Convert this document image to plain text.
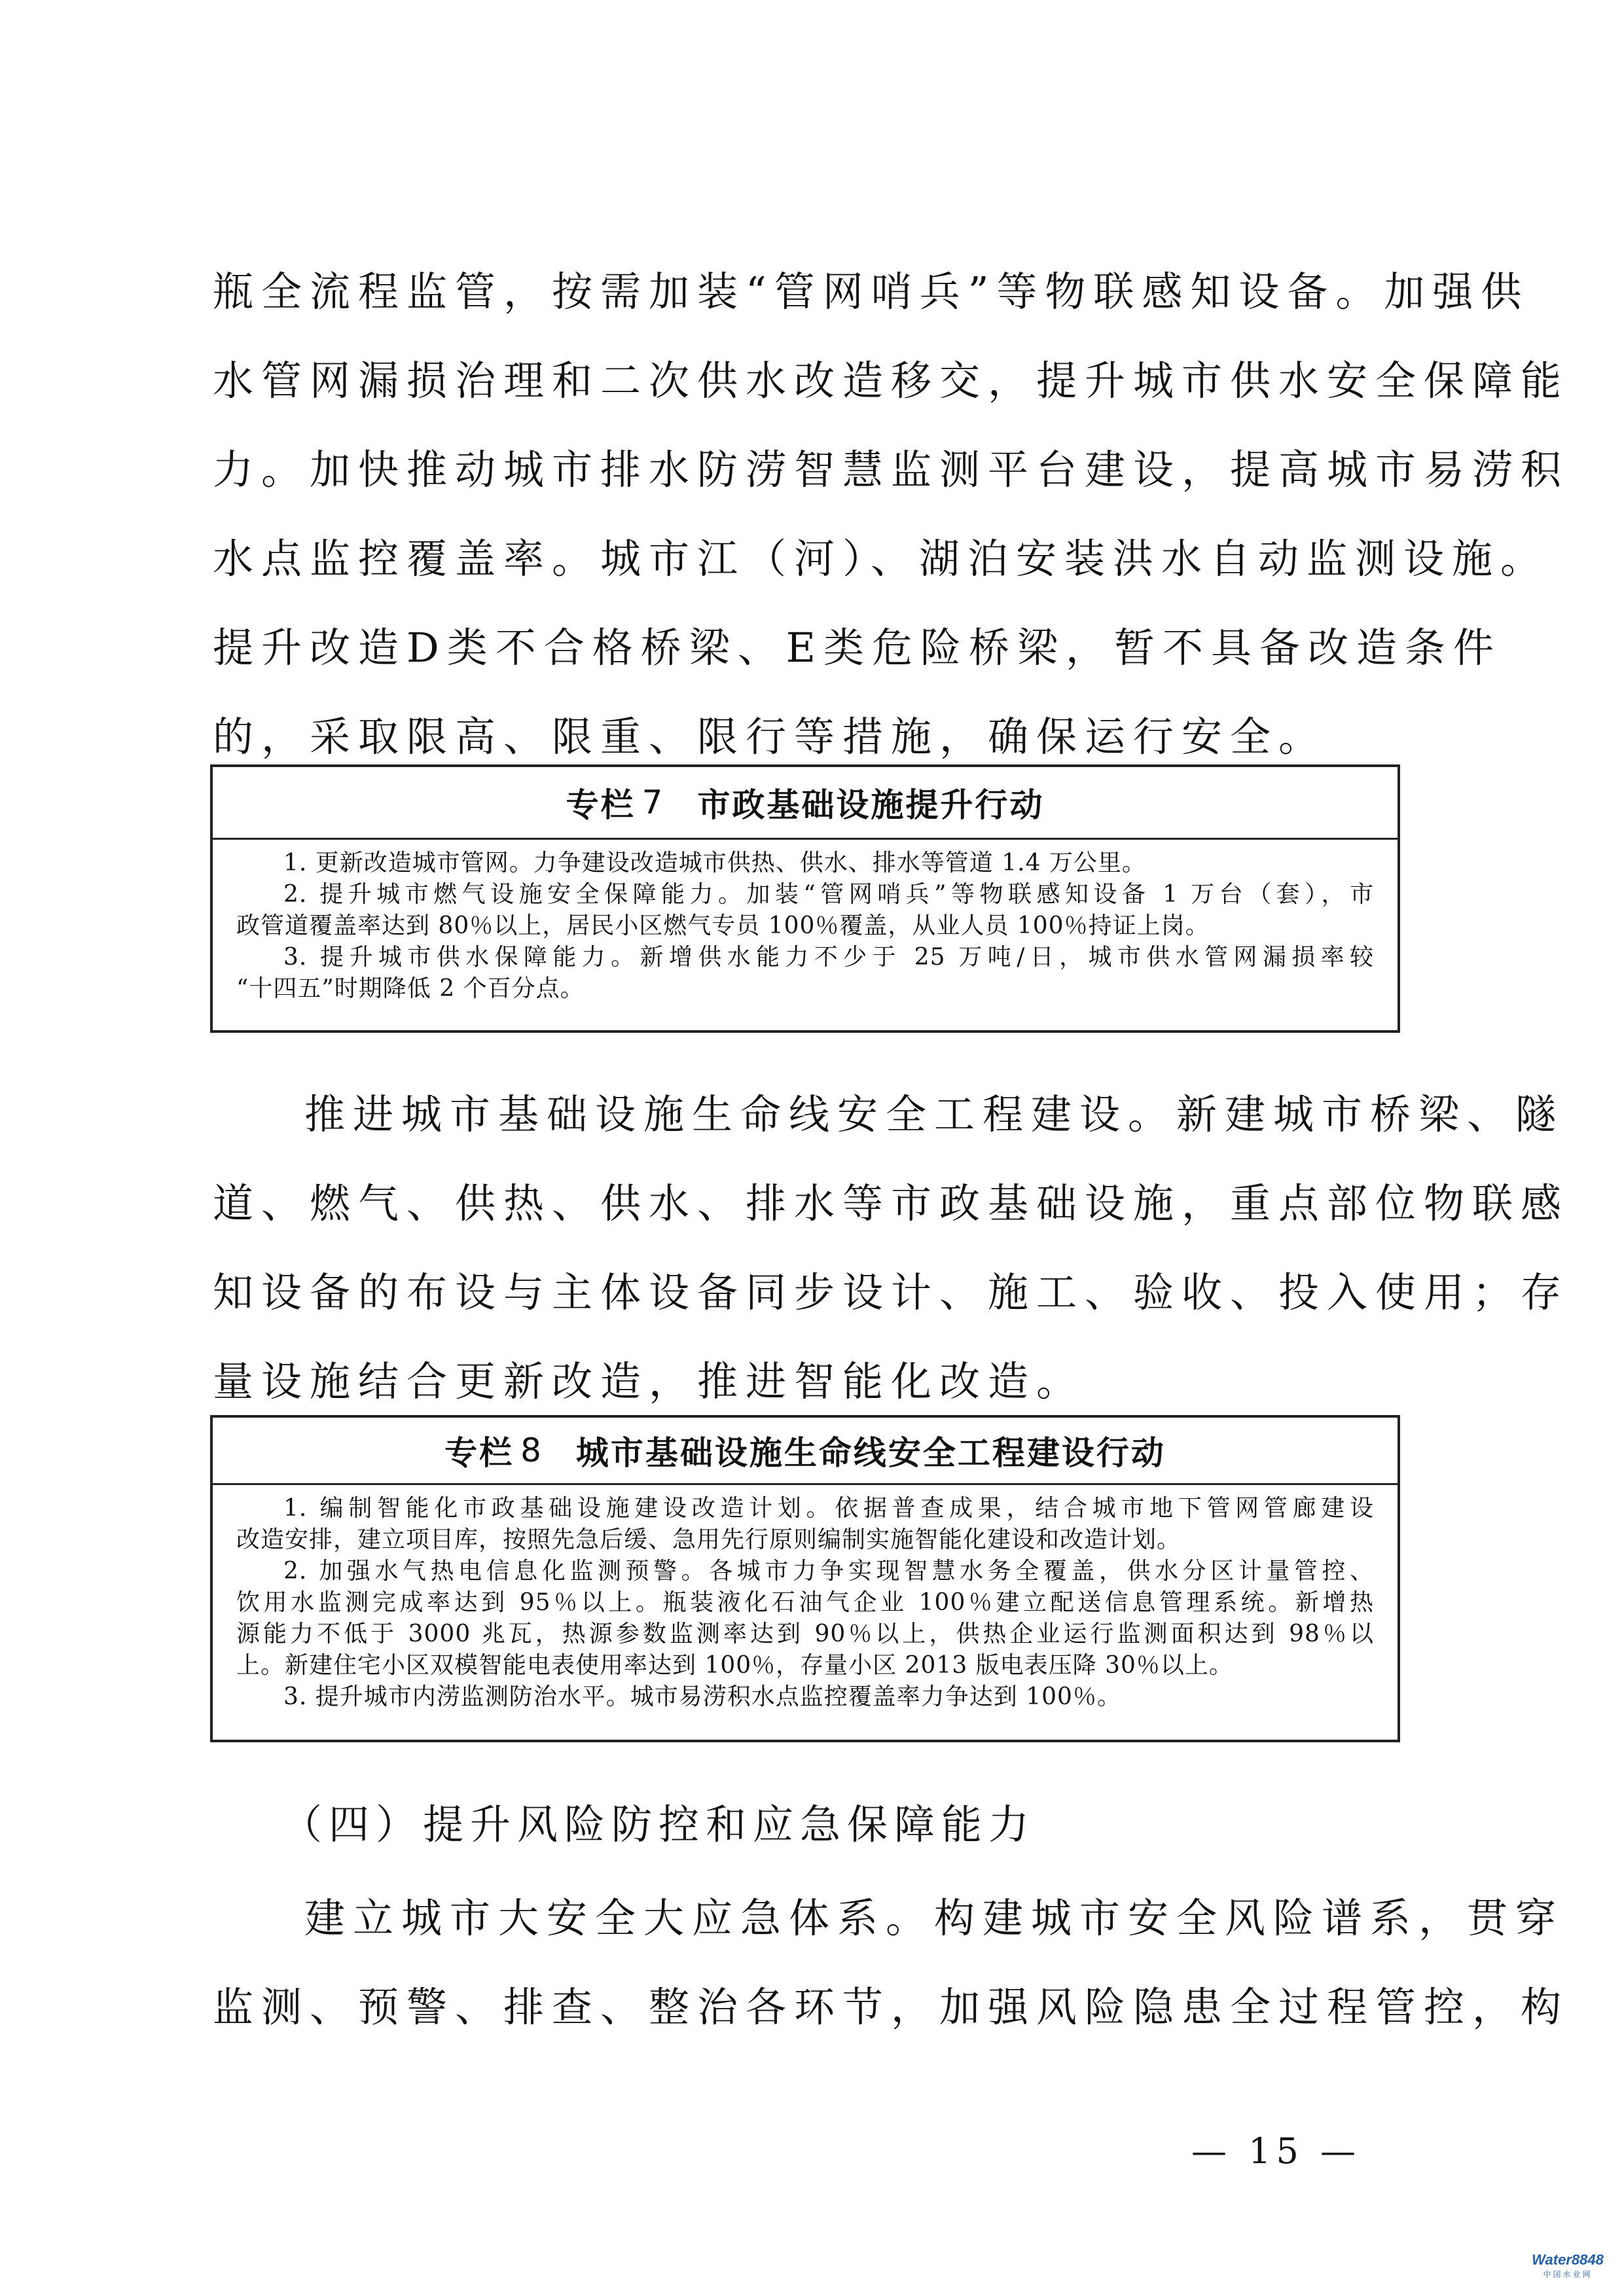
瓶全流程监管，按需加装“管网哨兵”等物联感知设备。加强供
水管网漏损治理和二次供水改造移交，提升城市供水安全保障能
力。加快推动城市排水防涝智慧监测平台建设，提高城市易涝积
水点监控覆盖率。城市江（河）、湖泊安装洪水自动监测设施。
提升改造D类不合格桥梁、E类危险桥梁，暂不具备改造条件
的，采取限高、限重、限行等措施，确保运行安全。
专栏 7 市政基础设施提升行动
1. 更新改造城市管网。力争建设改造城市供热、供水、排水等管道 1.4 万公里。
2. 提升城市燃气设施安全保障能力。加装“管网哨兵”等物联感知设备 1 万台（套），市
政管道覆盖率达到 80％以上，居民小区燃气专员 100％覆盖，从业人员 100％持证上岗。
3. 提升城市供水保障能力。新增供水能力不少于 25 万吨/日，城市供水管网漏损率较
“十四五”时期降低 2 个百分点。
推进城市基础设施生命线安全工程建设。新建城市桥梁、隧
道、燃气、供热、供水、排水等市政基础设施，重点部位物联感
知设备的布设与主体设备同步设计、施工、验收、投入使用；存
量设施结合更新改造，推进智能化改造。
专栏 8 城市基础设施生命线安全工程建设行动
1. 编制智能化市政基础设施建设改造计划。依据普查成果，结合城市地下管网管廊建设
改造安排，建立项目库，按照先急后缓、急用先行原则编制实施智能化建设和改造计划。
2. 加强水气热电信息化监测预警。各城市力争实现智慧水务全覆盖，供水分区计量管控、
饮用水监测完成率达到 95％以上。瓶装液化石油气企业 100％建立配送信息管理系统。新增热
源能力不低于 3000 兆瓦，热源参数监测率达到 90％以上，供热企业运行监测面积达到 98％以
上。新建住宅小区双模智能电表使用率达到 100％，存量小区 2013 版电表压降 30％以上。
3. 提升城市内涝监测防治水平。城市易涝积水点监控覆盖率力争达到 100％。
（四）提升风险防控和应急保障能力
建立城市大安全大应急体系。构建城市安全风险谱系，贯穿
监测、预警、排查、整治各环节，加强风险隐患全过程管控，构
— 15 —
Water8848
中国水业网
